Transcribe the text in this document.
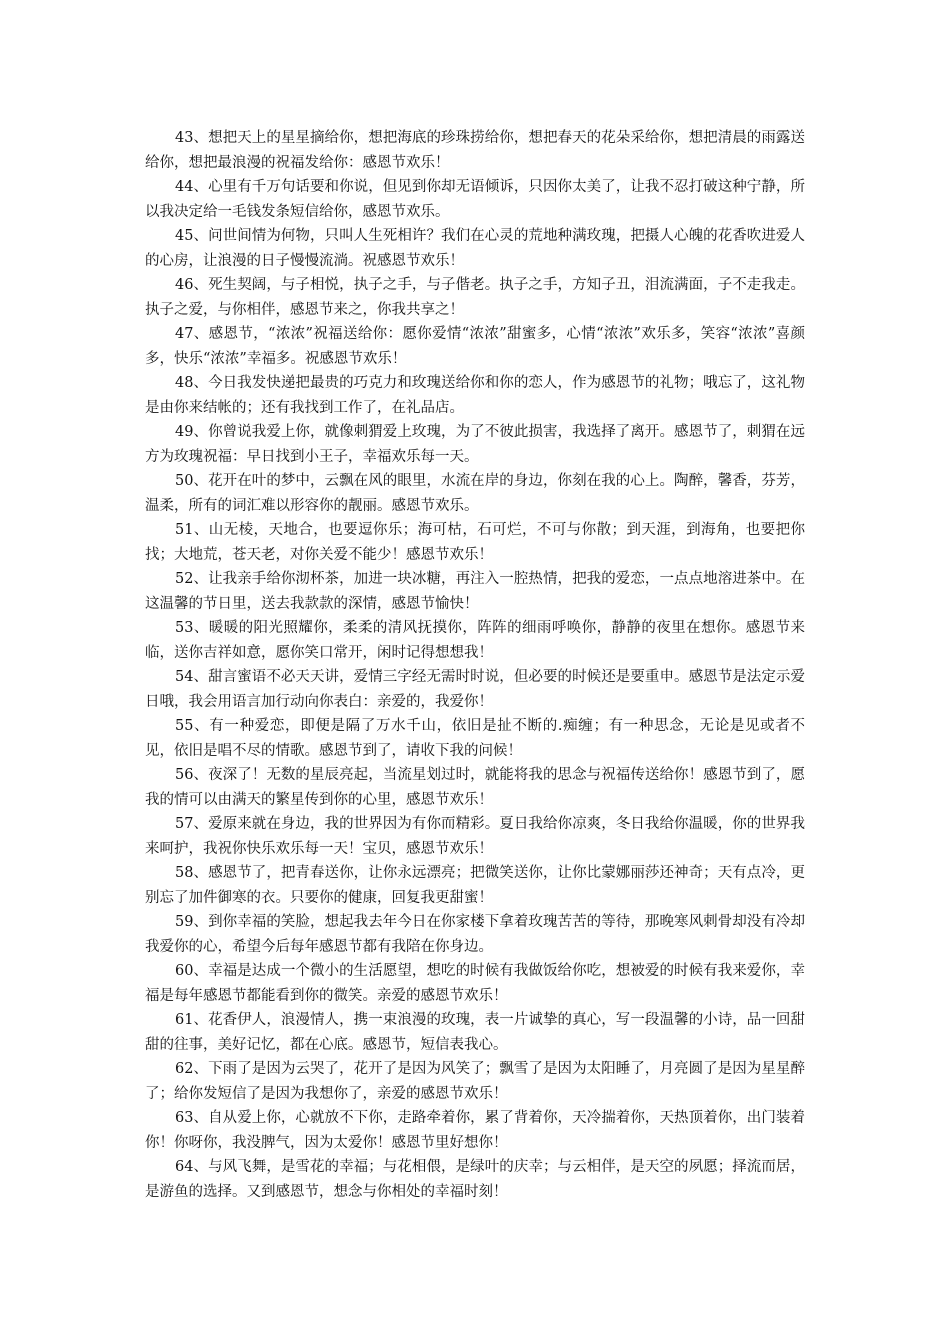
43、想把天上的星星摘给你，想把海底的珍珠捞给你，想把春天的花朵采给你，想把清晨的雨露送给你，想把最浪漫的祝福发给你：感恩节欢乐！

44、心里有千万句话要和你说，但见到你却无语倾诉，只因你太美了，让我不忍打破这种宁静，所以我决定给一毛钱发条短信给你，感恩节欢乐。

45、问世间情为何物，只叫人生死相许？我们在心灵的荒地种满玫瑰，把摄人心魄的花香吹进爱人的心房，让浪漫的日子慢慢流淌。祝感恩节欢乐！

46、死生契阔，与子相悦，执子之手，与子偕老。执子之手，方知子丑，泪流满面，子不走我走。执子之爱，与你相伴，感恩节来之，你我共享之！

47、感恩节，“浓浓”祝福送给你：愿你爱情“浓浓”甜蜜多，心情“浓浓”欢乐多，笑容“浓浓”喜颜多，快乐“浓浓”幸福多。祝感恩节欢乐！

48、今日我发快递把最贵的巧克力和玫瑰送给你和你的恋人，作为感恩节的礼物；哦忘了，这礼物是由你来结帐的；还有我找到工作了，在礼品店。

49、你曾说我爱上你，就像刺猬爱上玫瑰，为了不彼此损害，我选择了离开。感恩节了，刺猬在远方为玫瑰祝福：早日找到小王子，幸福欢乐每一天。

50、花开在叶的梦中，云飘在风的眼里，水流在岸的身边，你刻在我的心上。陶醉，馨香，芬芳，温柔，所有的词汇难以形容你的靓丽。感恩节欢乐。

51、山无棱，天地合，也要逗你乐；海可枯，石可烂，不可与你散；到天涯，到海角，也要把你找；大地荒，苍天老，对你关爱不能少！感恩节欢乐！

52、让我亲手给你沏杯茶，加进一块冰糖，再注入一腔热情，把我的爱恋，一点点地溶进茶中。在这温馨的节日里，送去我款款的深情，感恩节愉快！

53、暖暖的阳光照耀你，柔柔的清风抚摸你，阵阵的细雨呼唤你，静静的夜里在想你。感恩节来临，送你吉祥如意，愿你笑口常开，闲时记得想想我！

54、甜言蜜语不必天天讲，爱情三字经无需时时说，但必要的时候还是要重申。感恩节是法定示爱日哦，我会用语言加行动向你表白：亲爱的，我爱你！

55、有一种爱恋，即便是隔了万水千山，依旧是扯不断的.痴缠；有一种思念，无论是见或者不见，依旧是唱不尽的情歌。感恩节到了，请收下我的问候！

56、夜深了！无数的星辰亮起，当流星划过时，就能将我的思念与祝福传送给你！感恩节到了，愿我的情可以由满天的繁星传到你的心里，感恩节欢乐！

57、爱原来就在身边，我的世界因为有你而精彩。夏日我给你凉爽，冬日我给你温暖，你的世界我来呵护，我祝你快乐欢乐每一天！宝贝，感恩节欢乐！

58、感恩节了，把青春送你，让你永远漂亮；把微笑送你，让你比蒙娜丽莎还神奇；天有点冷，更别忘了加件御寒的衣。只要你的健康，回复我更甜蜜！

59、到你幸福的笑脸，想起我去年今日在你家楼下拿着玫瑰苦苦的等待，那晚寒风刺骨却没有冷却我爱你的心，希望今后每年感恩节都有我陪在你身边。

60、幸福是达成一个微小的生活愿望，想吃的时候有我做饭给你吃，想被爱的时候有我来爱你，幸福是每年感恩节都能看到你的微笑。亲爱的感恩节欢乐！

61、花香伊人，浪漫情人，携一束浪漫的玫瑰，表一片诚挚的真心，写一段温馨的小诗，品一回甜甜的往事，美好记忆，都在心底。感恩节，短信表我心。

62、下雨了是因为云哭了，花开了是因为风笑了；飘雪了是因为太阳睡了，月亮圆了是因为星星醉了；给你发短信了是因为我想你了，亲爱的感恩节欢乐！

63、自从爱上你，心就放不下你，走路牵着你，累了背着你，天冷揣着你，天热顶着你，出门装着你！你呀你，我没脾气，因为太爱你！感恩节里好想你！

64、与风飞舞，是雪花的幸福；与花相偎，是绿叶的庆幸；与云相伴，是天空的夙愿；择流而居，是游鱼的选择。又到感恩节，想念与你相处的幸福时刻！
